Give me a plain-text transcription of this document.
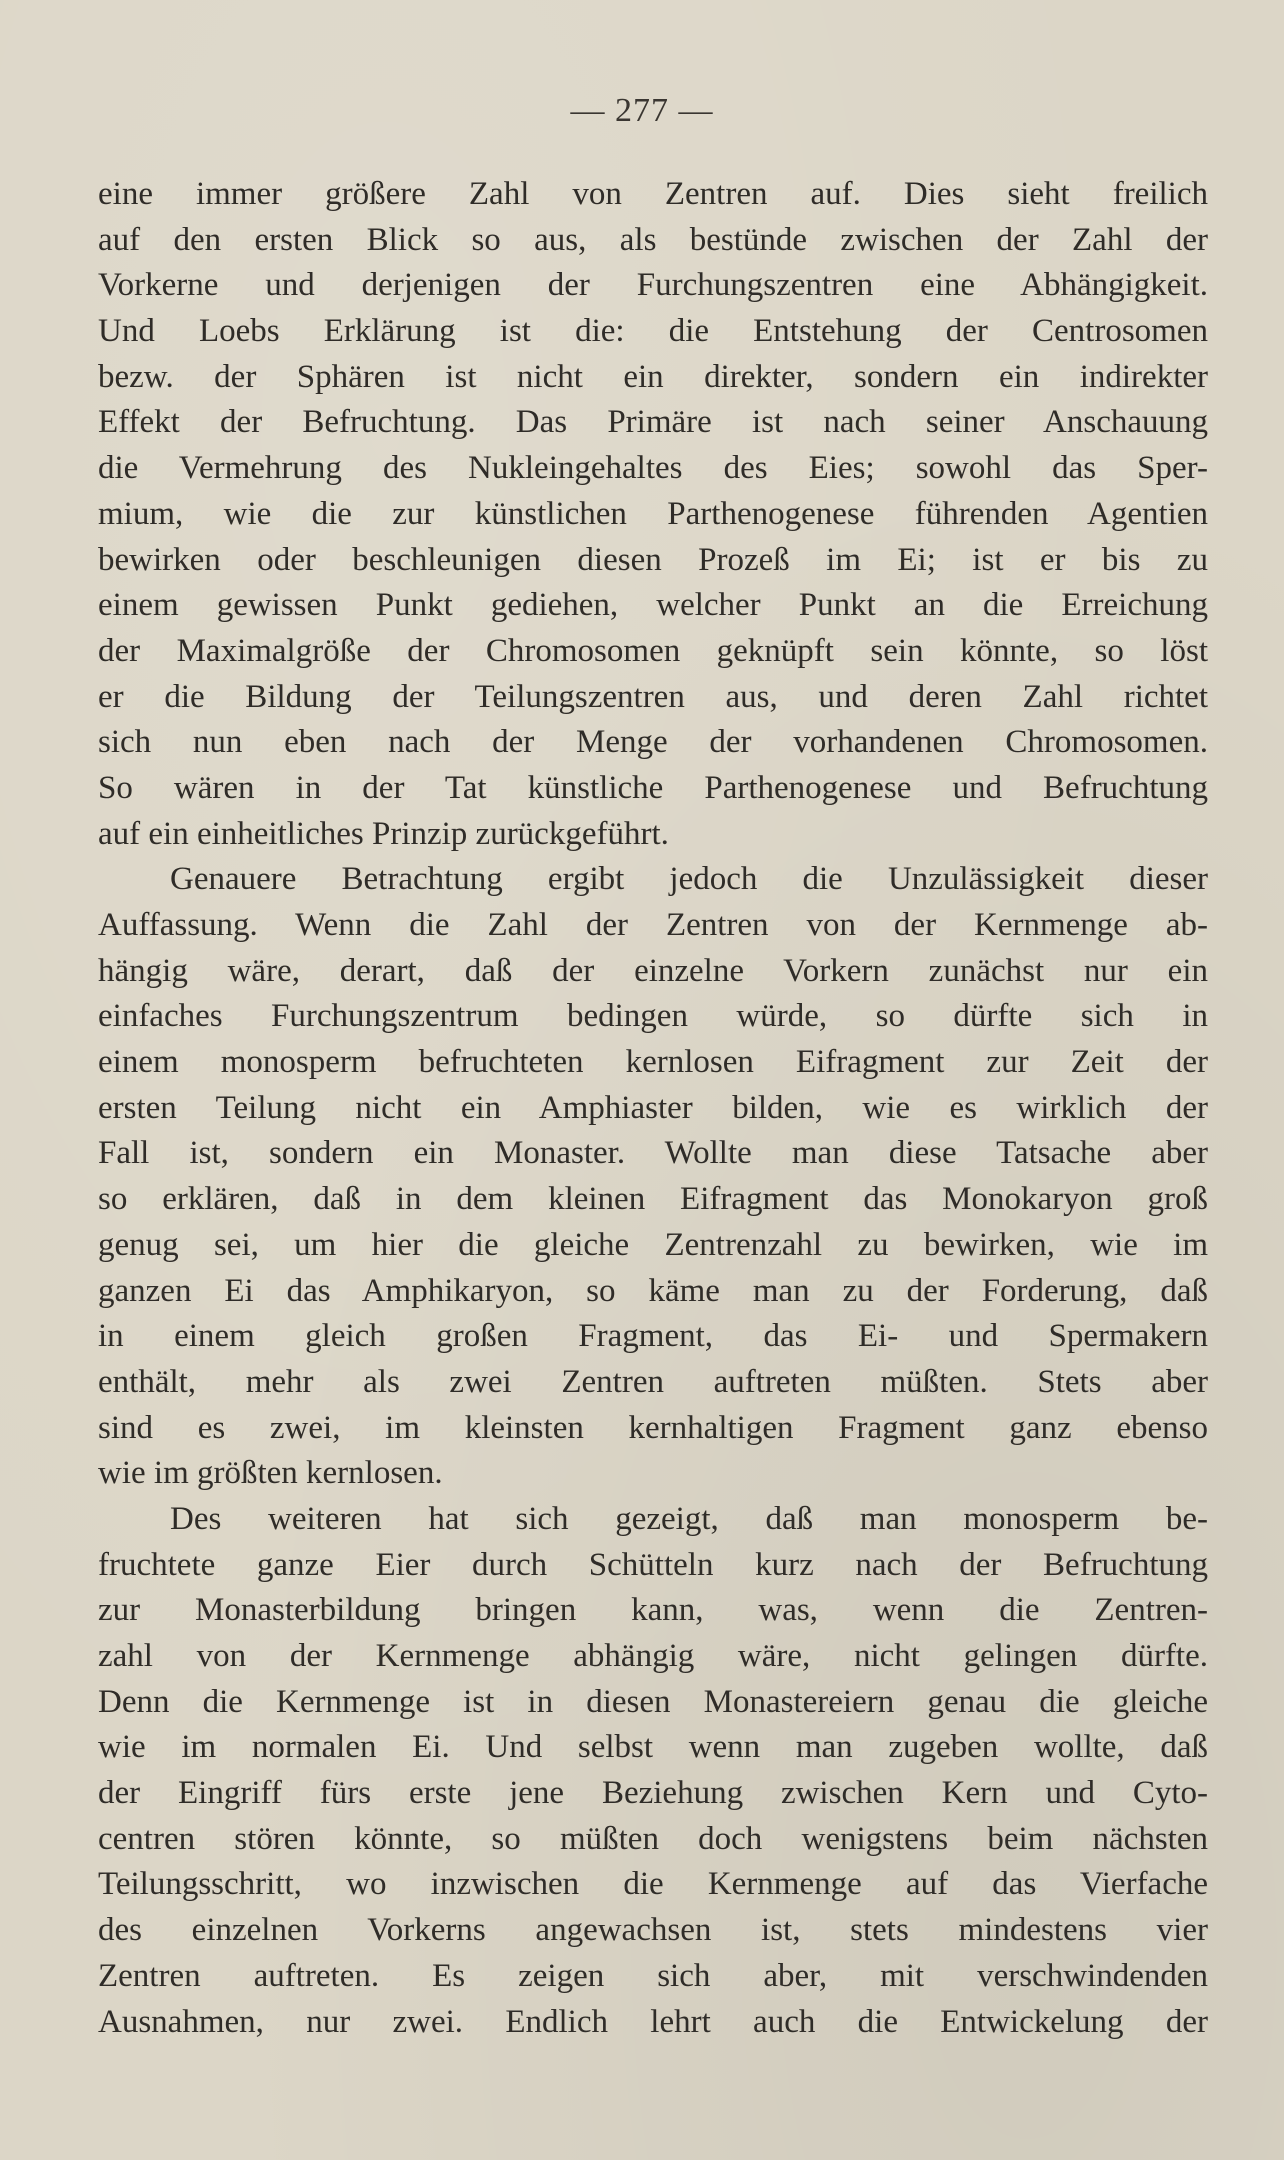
— 277 —

eine immer größere Zahl von Zentren auf. Dies sieht freilich
auf den ersten Blick so aus, als bestünde zwischen der Zahl der
Vorkerne und derjenigen der Furchungszentren eine Abhängigkeit.
Und Loebs Erklärung ist die: die Entstehung der Centrosomen
bezw. der Sphären ist nicht ein direkter, sondern ein indirekter
Effekt der Befruchtung. Das Primäre ist nach seiner Anschauung
die Vermehrung des Nukleingehaltes des Eies; sowohl das Sper-
mium, wie die zur künstlichen Parthenogenese führenden Agentien
bewirken oder beschleunigen diesen Prozeß im Ei; ist er bis zu
einem gewissen Punkt gediehen, welcher Punkt an die Erreichung
der Maximalgröße der Chromosomen geknüpft sein könnte, so löst
er die Bildung der Teilungszentren aus, und deren Zahl richtet
sich nun eben nach der Menge der vorhandenen Chromosomen.
So wären in der Tat künstliche Parthenogenese und Befruchtung
auf ein einheitliches Prinzip zurückgeführt.

Genauere Betrachtung ergibt jedoch die Unzulässigkeit dieser
Auffassung. Wenn die Zahl der Zentren von der Kernmenge ab-
hängig wäre, derart, daß der einzelne Vorkern zunächst nur ein
einfaches Furchungszentrum bedingen würde, so dürfte sich in
einem monosperm befruchteten kernlosen Eifragment zur Zeit der
ersten Teilung nicht ein Amphiaster bilden, wie es wirklich der
Fall ist, sondern ein Monaster. Wollte man diese Tatsache aber
so erklären, daß in dem kleinen Eifragment das Monokaryon groß
genug sei, um hier die gleiche Zentrenzahl zu bewirken, wie im
ganzen Ei das Amphikaryon, so käme man zu der Forderung, daß
in einem gleich großen Fragment, das Ei- und Spermakern
enthält, mehr als zwei Zentren auftreten müßten. Stets aber
sind es zwei, im kleinsten kernhaltigen Fragment ganz ebenso
wie im größten kernlosen.

Des weiteren hat sich gezeigt, daß man monosperm be-
fruchtete ganze Eier durch Schütteln kurz nach der Befruchtung
zur Monasterbildung bringen kann, was, wenn die Zentren-
zahl von der Kernmenge abhängig wäre, nicht gelingen dürfte.
Denn die Kernmenge ist in diesen Monastereiern genau die gleiche
wie im normalen Ei. Und selbst wenn man zugeben wollte, daß
der Eingriff fürs erste jene Beziehung zwischen Kern und Cyto-
centren stören könnte, so müßten doch wenigstens beim nächsten
Teilungsschritt, wo inzwischen die Kernmenge auf das Vierfache
des einzelnen Vorkerns angewachsen ist, stets mindestens vier
Zentren auftreten. Es zeigen sich aber, mit verschwindenden
Ausnahmen, nur zwei. Endlich lehrt auch die Entwickelung der
